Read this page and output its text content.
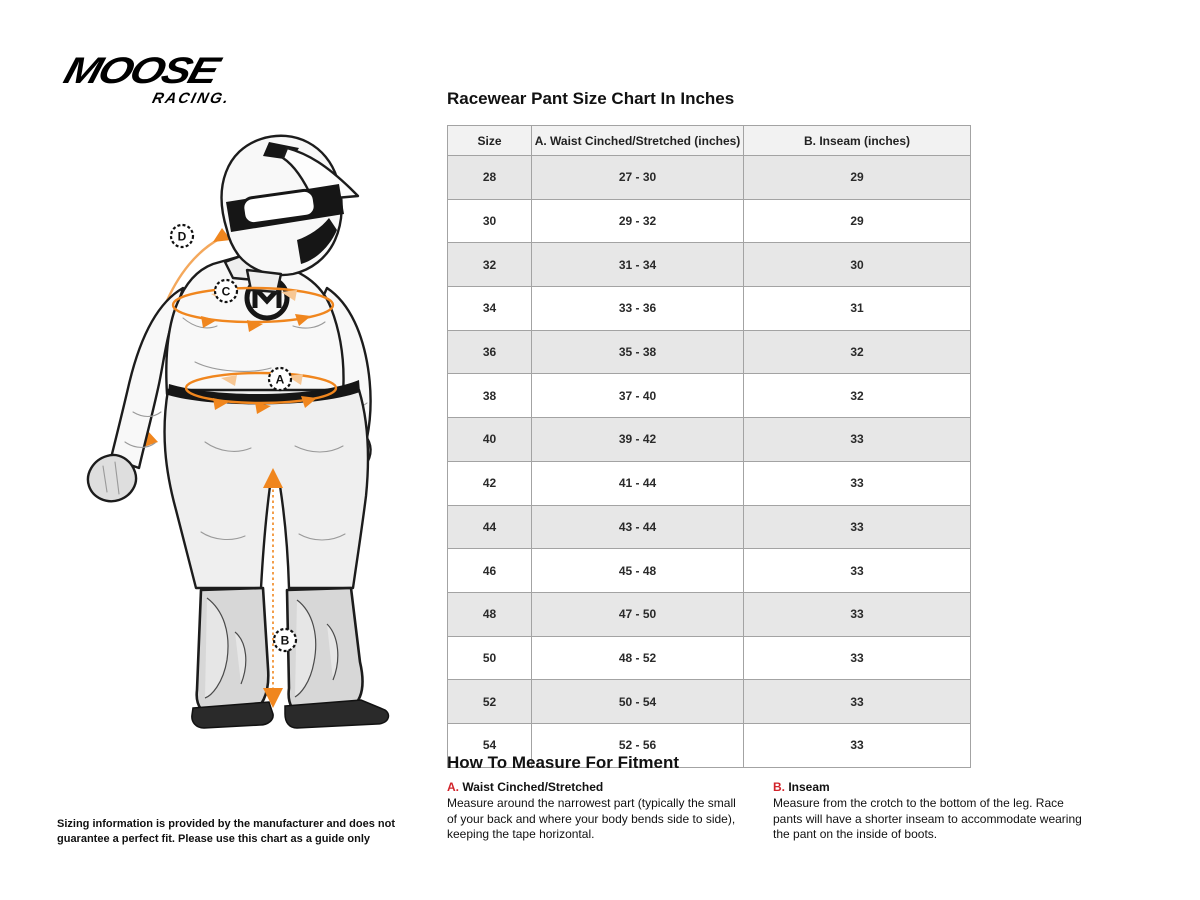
MOOSE
RACING.
D
C
A
B
Racewear Pant Size Chart In Inches
Size	A. Waist Cinched/Stretched (inches)	B. Inseam (inches)
28	27 - 30	29
30	29 - 32	29
32	31 - 34	30
34	33 - 36	31
36	35 - 38	32
38	37 - 40	32
40	39 - 42	33
42	41 - 44	33
44	43 - 44	33
46	45 - 48	33
48	47 - 50	33
50	48 - 52	33
52	50 - 54	33
54	52 - 56	33
How To Measure For Fitment
A. Waist Cinched/Stretched
Measure around the narrowest part (typically the small of your back and where your body bends side to side), keeping the tape horizontal.
B. Inseam
Measure from the crotch to the bottom of the leg. Race pants will have a shorter inseam to accommodate wearing the pant on the inside of boots.
Sizing information is provided by the manufacturer and does not guarantee a perfect fit. Please use this chart as a guide only
